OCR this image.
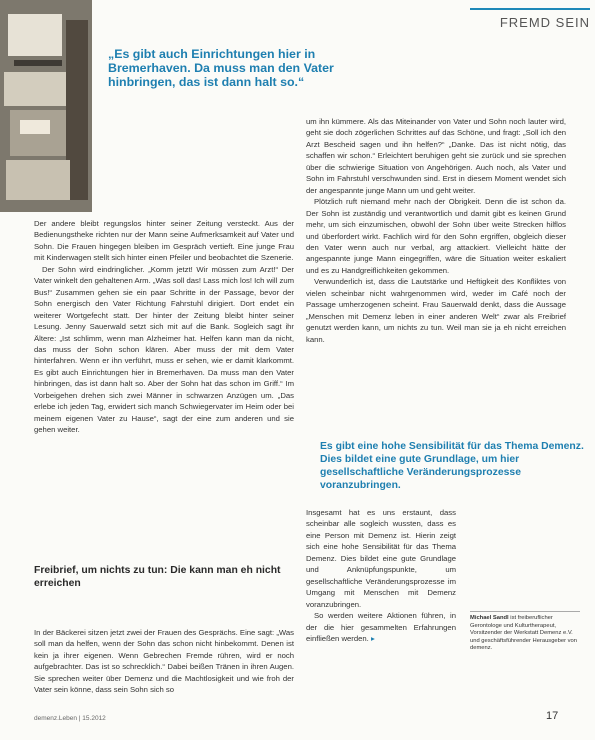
FREMD SEIN
„Es gibt auch Einrichtungen hier in Bremerhaven. Da muss man den Vater hinbringen, das ist dann halt so.“

Der andere bleibt regungslos hinter seiner Zeitung versteckt. Aus der Bedienungstheke richten nur der Mann seine Aufmerksamkeit auf Vater und Sohn. Die Frauen hingegen bleiben im Gespräch vertieft. Eine junge Frau mit Kinderwagen stellt sich hinter einen Pfeiler und beobachtet die Szenerie.

Der Sohn wird eindringlicher. „Komm jetzt! Wir müssen zum Arzt!“ Der Vater winkelt den gehaltenen Arm. „Was soll das! Lass mich los! Ich will zum Bus!“ Zusammen gehen sie ein paar Schritte in der Passage, bevor der Sohn energisch den Vater Richtung Fahrstuhl dirigiert. Dort endet ein weiterer Wortgefecht statt. Der hinter der Zeitung bleibt hinter seiner Lesung. Jenny Sauerwald setzt sich mit auf die Bank. Sogleich sagt ihr Ältere: „Ist schlimm, wenn man Alzheimer hat. Helfen kann man da nicht, das muss der Sohn schon klären. Aber muss der mit dem Vater hinterfahren. Wenn er ihn verführt, muss er sehen, wie er damit klarkommt. Es gibt auch Einrichtungen hier in Bremerhaven. Da muss man den Vater hinbringen, das ist dann halt so. Aber der Sohn hat das schon im Griff.“ Im Vorbeigehen drehen sich zwei Männer in schwarzen Anzügen um. „Das erlebe ich jeden Tag, erwidert sich manch Schwiegervater im Heim oder bei meinem eigenen Vater zu Hause“, sagt der eine zum anderen und sie gehen weiter.

Freibrief, um nichts zu tun: Die kann man eh nicht erreichen

In der Bäckerei sitzen jetzt zwei der Frauen des Gesprächs. Eine sagt: „Was soll man da helfen, wenn der Sohn das schon nicht hinbekommt. Denen ist kein ja ihrer eigenen. Wenn Gebrechen Fremde rühren, wird er noch aufgebrachter. Das ist so schrecklich.“ Dabei beißen Tränen in ihren Augen. Sie sprechen weiter über Demenz und die Machtlosigkeit und wie froh der Vater sein könne, dass sein Sohn sich so

um ihn kümmere. Als das Miteinander von Vater und Sohn noch lauter wird, geht sie doch zögerlichen Schrittes auf das Schöne, und fragt: „Soll ich den Arzt Bescheid sagen und ihn helfen?“ „Danke. Das ist nicht nötig, das schaffen wir schon.“ Erleichtert beruhigen geht sie zurück und sie sprechen über die schwierige Situation von Angehörigen. Auch noch, als Vater und Sohn im Fahrstuhl verschwunden sind. Erst in diesem Moment wendet sich der angespannte junge Mann um und geht weiter.

Plötzlich ruft niemand mehr nach der Obrigkeit. Denn die ist schon da. Der Sohn ist zuständig und verantwortlich und damit gibt es keinen Grund mehr, um sich einzumischen, obwohl der Sohn über weite Strecken hilflos und überfordert wirkt. Fachlich wird für den Sohn ergriffen, obgleich dieser den Vater wenn auch nur verbal, arg attackiert. Vielleicht hätte der angespannte junge Mann eingegriffen, wäre die Situation weiter eskaliert und es zu Handgreiflichkeiten gekommen.

Verwunderlich ist, dass die Lautstärke und Heftigkeit des Konfliktes von vielen scheinbar nicht wahrgenommen wird, weder im Café noch der Passage umherzogenen scheint. Frau Sauerwald denkt, dass die Aussage „Menschen mit Demenz leben in einer anderen Welt“ zwar als Freibrief genutzt werden kann, um nichts zu tun. Weil man sie ja eh nicht erreichen kann.

Es gibt eine hohe Sensibilität für das Thema Demenz. Dies bildet eine gute Grundlage, um hier gesellschaftliche Veränderungsprozesse voranzubringen.

Insgesamt hat es uns erstaunt, dass scheinbar alle sogleich wussten, dass es eine Person mit Demenz ist. Hierin zeigt sich eine hohe Sensibilität für das Thema Demenz. Dies bildet eine gute Grundlage und Anknüpfungspunkte, um gesellschaftliche Veränderungsprozesse im Umgang mit Menschen mit Demenz voranzubringen.

So werden weitere Aktionen führen, in der die hier gesammelten Erfahrungen einfließen werden. ▸

Michael Sandl ist freiberuflicher Gerontologe und Kulturtherapeut, Vorsitzender der Werkstatt Demenz e.V. und geschäftsführender Herausgeber von demenz.
demenz.Leben | 15.2012	17
